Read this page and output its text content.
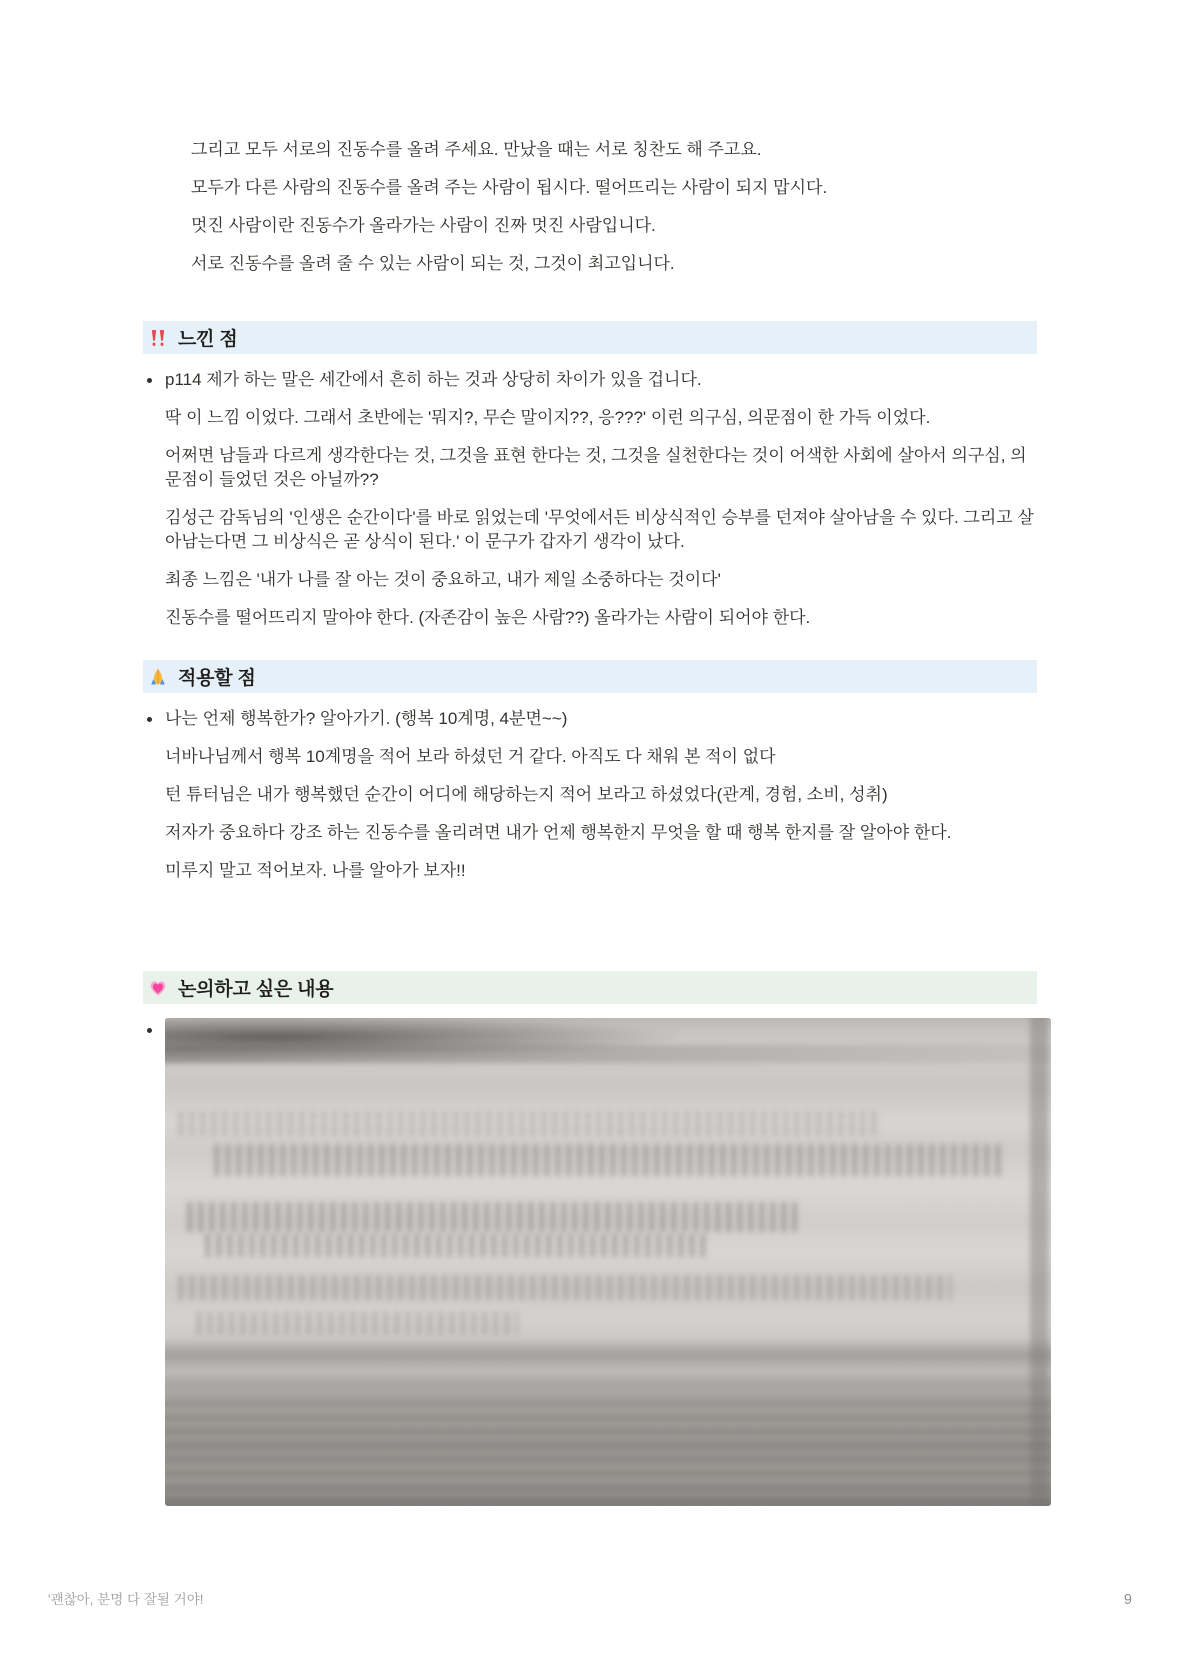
그리고 모두 서로의 진동수를 올려 주세요. 만났을 때는 서로 칭찬도 해 주고요.

모두가 다른 사람의 진동수를 올려 주는 사람이 됩시다. 떨어뜨리는 사람이 되지 맙시다.

멋진 사람이란 진동수가 올라가는 사람이 진짜 멋진 사람입니다.

서로 진동수를 올려 줄 수 있는 사람이 되는 것, 그것이 최고입니다.

느낀 점
p114 제가 하는 말은 세간에서 흔히 하는 것과 상당히 차이가 있을 겁니다.
딱 이 느낌 이었다. 그래서 초반에는 '뭐지?, 무슨 말이지??, 응???' 이런 의구심, 의문점이 한 가득 이었다.
어쩌면 남들과 다르게 생각한다는 것, 그것을 표현 한다는 것, 그것을 실천한다는 것이 어색한 사회에 살아서 의구심, 의문점이 들었던 것은 아닐까??
김성근 감독님의 '인생은 순간이다'를 바로 읽었는데 '무엇에서든 비상식적인 승부를 던져야 살아남을 수 있다. 그리고 살아남는다면 그 비상식은 곧 상식이 된다.' 이 문구가 갑자기 생각이 났다.
최종 느낌은 '내가 나를 잘 아는 것이 중요하고, 내가 제일 소중하다는 것이다'
진동수를 떨어뜨리지 말아야 한다. (자존감이 높은 사람??) 올라가는 사람이 되어야 한다.
적용할 점
나는 언제 행복한가? 알아가기. (행복 10계명, 4분면~~)
너바나님께서 행복 10계명을 적어 보라 하셨던 거 같다. 아직도 다 채워 본 적이 없다
턴 튜터님은 내가 행복했던 순간이 어디에 해당하는지 적어 보라고 하셨었다(관계, 경험, 소비, 성취)
저자가 중요하다 강조 하는 진동수를 올리려면 내가 언제 행복한지 무엇을 할 때 행복 한지를 잘 알아야 한다.
미루지 말고 적어보자. 나를 알아가 보자!!
논의하고 싶은 내용
'괜찮아, 분명 다 잘될 거야!	9
